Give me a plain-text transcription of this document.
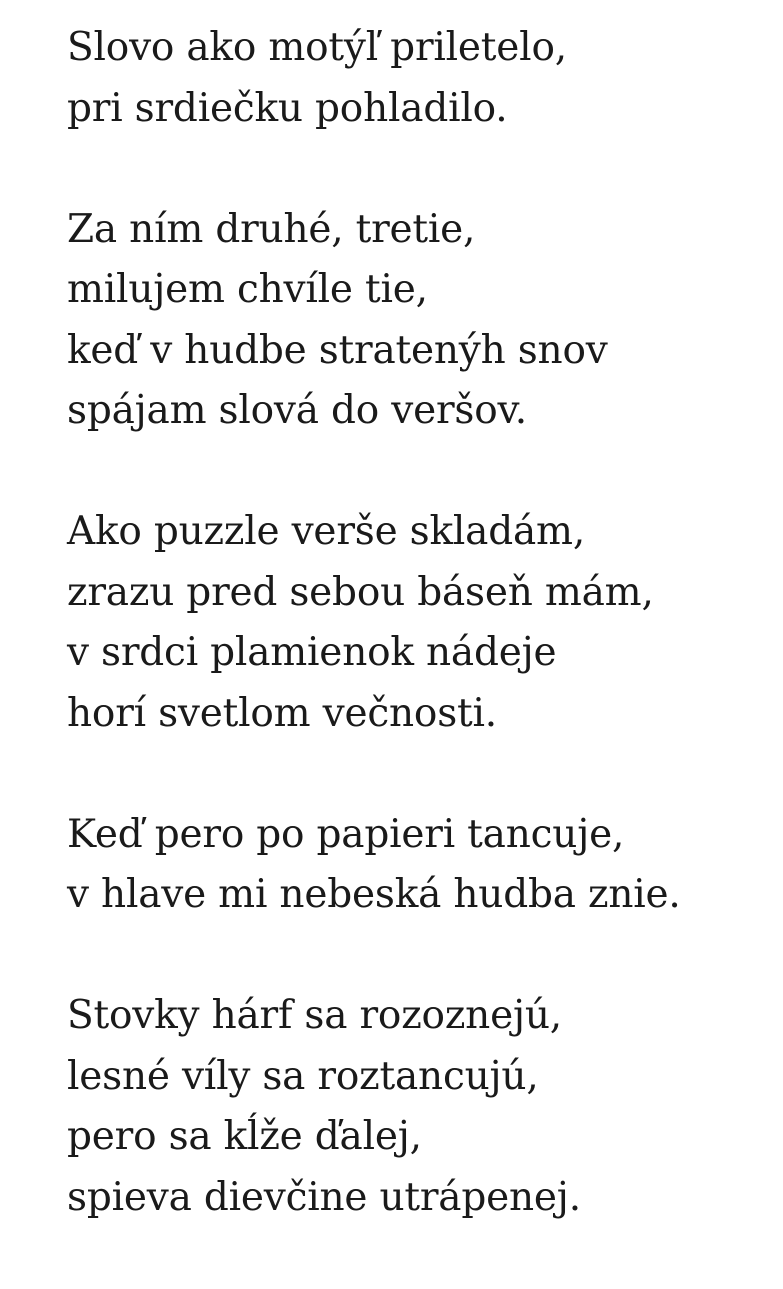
Slovo ako motýľ priletelo,
pri srdiečku pohladilo.
Za ním druhé, tretie,
milujem chvíle tie,
keď v hudbe stratenýh snov
spájam slová do veršov.
Ako puzzle verše skladám,
zrazu pred sebou báseň mám,
v srdci plamienok nádeje
horí svetlom večnosti.
Keď pero po papieri tancuje,
v hlave mi nebeská hudba znie.
Stovky hárf sa rozoznejú,
lesné víly sa roztancujú,
pero sa kĺže ďalej,
spieva dievčine utrápenej.
